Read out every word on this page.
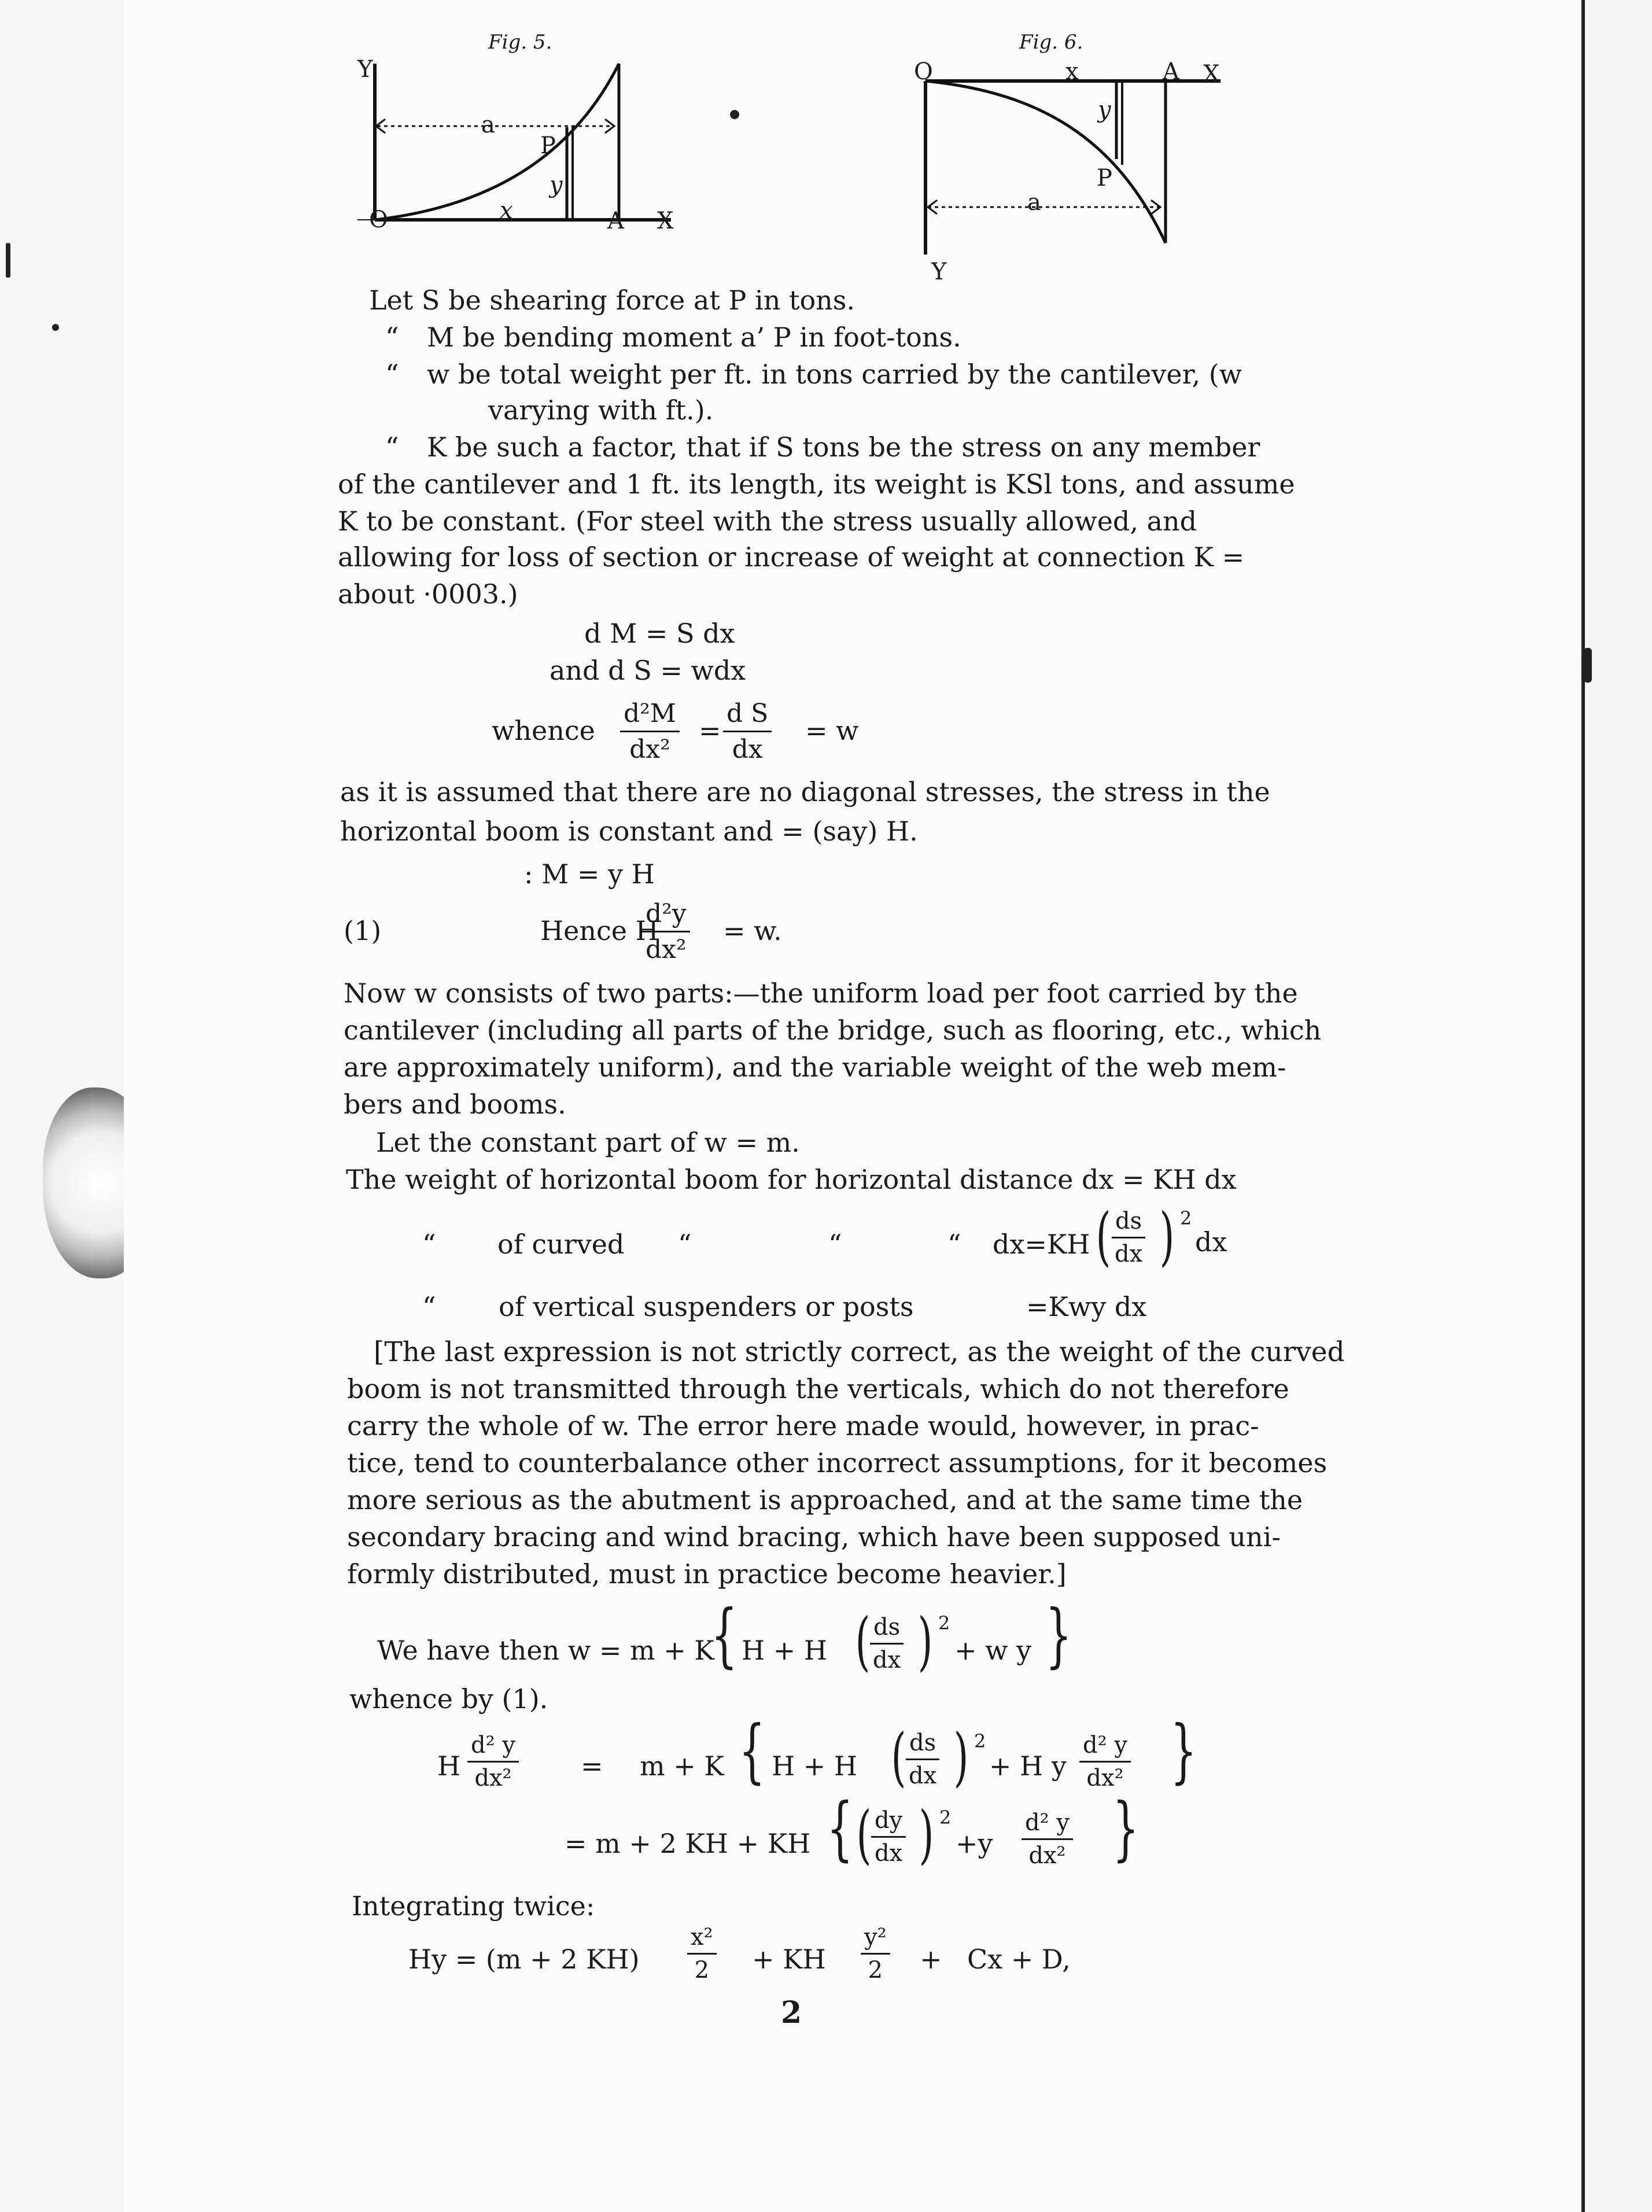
Fig. 5.
Y
O	A X
a
P
y
x
Fig. 6.
O	x	A X
y
P
a
Y
Let S be shearing force at P in tons.
“ M be bending moment a’ P in foot-tons.
“ w be total weight per ft. in tons carried by the cantilever, (w
varying with ft.).
“ K be such a factor, that if S tons be the stress on any member
of the cantilever and 1 ft. its length, its weight is KSl tons, and assume
K to be constant. (For steel with the stress usually allowed, and
allowing for loss of section or increase of weight at connection K =
about ·0003.)
d M = S dx
and d S = wdx
whence $\frac{\text{d²M}}{\text{dx²}} = \frac{\text{d S}}{dx} = w$
as it is assumed that there are no diagonal stresses, the stress in the
horizontal boom is constant and = (say) H.
: M = y H
(1)	Hence H
$\frac{\text{d²y}}{\text{dx²}} = w$.
Now w consists of two parts:—the uniform load per foot carried by the
cantilever (including all parts of the bridge, such as flooring, etc., which
are approximately uniform), and the variable weight of the web mem-
bers and booms.
Let the constant part of w = m.
The weight of horizontal boom for horizontal distance dx = KH dx
“ of curved “	“	“ dx=KH ( $\frac{ds}{dx}$ ) 2
dx
“ of vertical suspenders or posts	=Kwy dx
[The last expression is not strictly correct, as the weight of the curved
boom is not transmitted through the verticals, which do not therefore
carry the whole of w. The error here made would, however, in prac-
tice, tend to counterbalance other incorrect assumptions, for it becomes
more serious as the abutment is approached, and at the same time the
secondary bracing and wind bracing, which have been supposed uni-
formly distributed, must in practice become heavier.]
We have then w = m + K
{ H + H ( $\frac{ds}{dx}$ ) 2
+ w y }
whence by (1).
H $\frac{\text{d² y}}{\text{dx²}} = m + K$ { H + H ( $\frac{ds}{dx}$ ) 2
+ H y $\frac{\text{d² y}}{\text{dx²}}$ }
= m + 2 KH + KH { ( $\frac{dy}{dx}$ ) 2
$+y \frac{\text{d² y}}{\text{dx²}}$ }
Integrating twice:
Hy = (m + 2 $KH) \frac{\text{x²}}{2}$ + KH $\frac{\text{y²}}{2} + Cx + D$,
2
